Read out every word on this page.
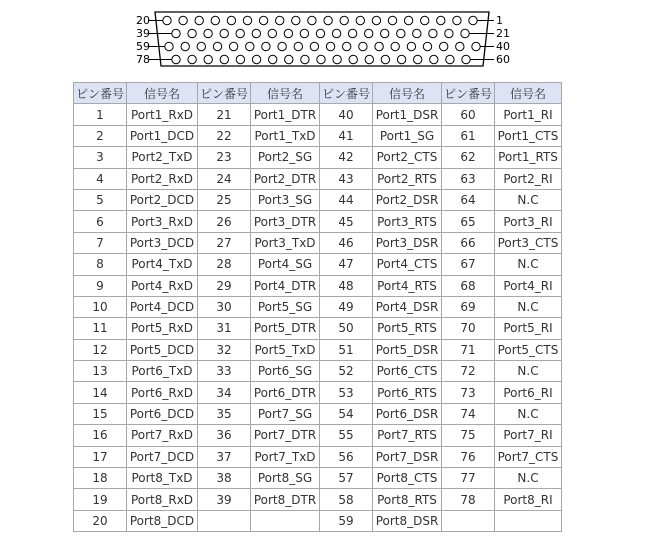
20
39
59
78
1
21
40
60
ピン番号	信号名	ピン番号	信号名	ピン番号	信号名	ピン番号	信号名
1	Port1_RxD	21	Port1_DTR	40	Port1_DSR	60	Port1_RI
2	Port1_DCD	22	Port1_TxD	41	Port1_SG	61	Port1_CTS
3	Port2_TxD	23	Port2_SG	42	Port2_CTS	62	Port1_RTS
4	Port2_RxD	24	Port2_DTR	43	Port2_RTS	63	Port2_RI
5	Port2_DCD	25	Port3_SG	44	Port2_DSR	64	N.C
6	Port3_RxD	26	Port3_DTR	45	Port3_RTS	65	Port3_RI
7	Port3_DCD	27	Port3_TxD	46	Port3_DSR	66	Port3_CTS
8	Port4_TxD	28	Port4_SG	47	Port4_CTS	67	N.C
9	Port4_RxD	29	Port4_DTR	48	Port4_RTS	68	Port4_RI
10	Port4_DCD	30	Port5_SG	49	Port4_DSR	69	N.C
11	Port5_RxD	31	Port5_DTR	50	Port5_RTS	70	Port5_RI
12	Port5_DCD	32	Port5_TxD	51	Port5_DSR	71	Port5_CTS
13	Port6_TxD	33	Port6_SG	52	Port6_CTS	72	N.C
14	Port6_RxD	34	Port6_DTR	53	Port6_RTS	73	Port6_RI
15	Port6_DCD	35	Port7_SG	54	Port6_DSR	74	N.C
16	Port7_RxD	36	Port7_DTR	55	Port7_RTS	75	Port7_RI
17	Port7_DCD	37	Port7_TxD	56	Port7_DSR	76	Port7_CTS
18	Port8_TxD	38	Port8_SG	57	Port8_CTS	77	N.C
19	Port8_RxD	39	Port8_DTR	58	Port8_RTS	78	Port8_RI
20	Port8_DCD			59	Port8_DSR		
